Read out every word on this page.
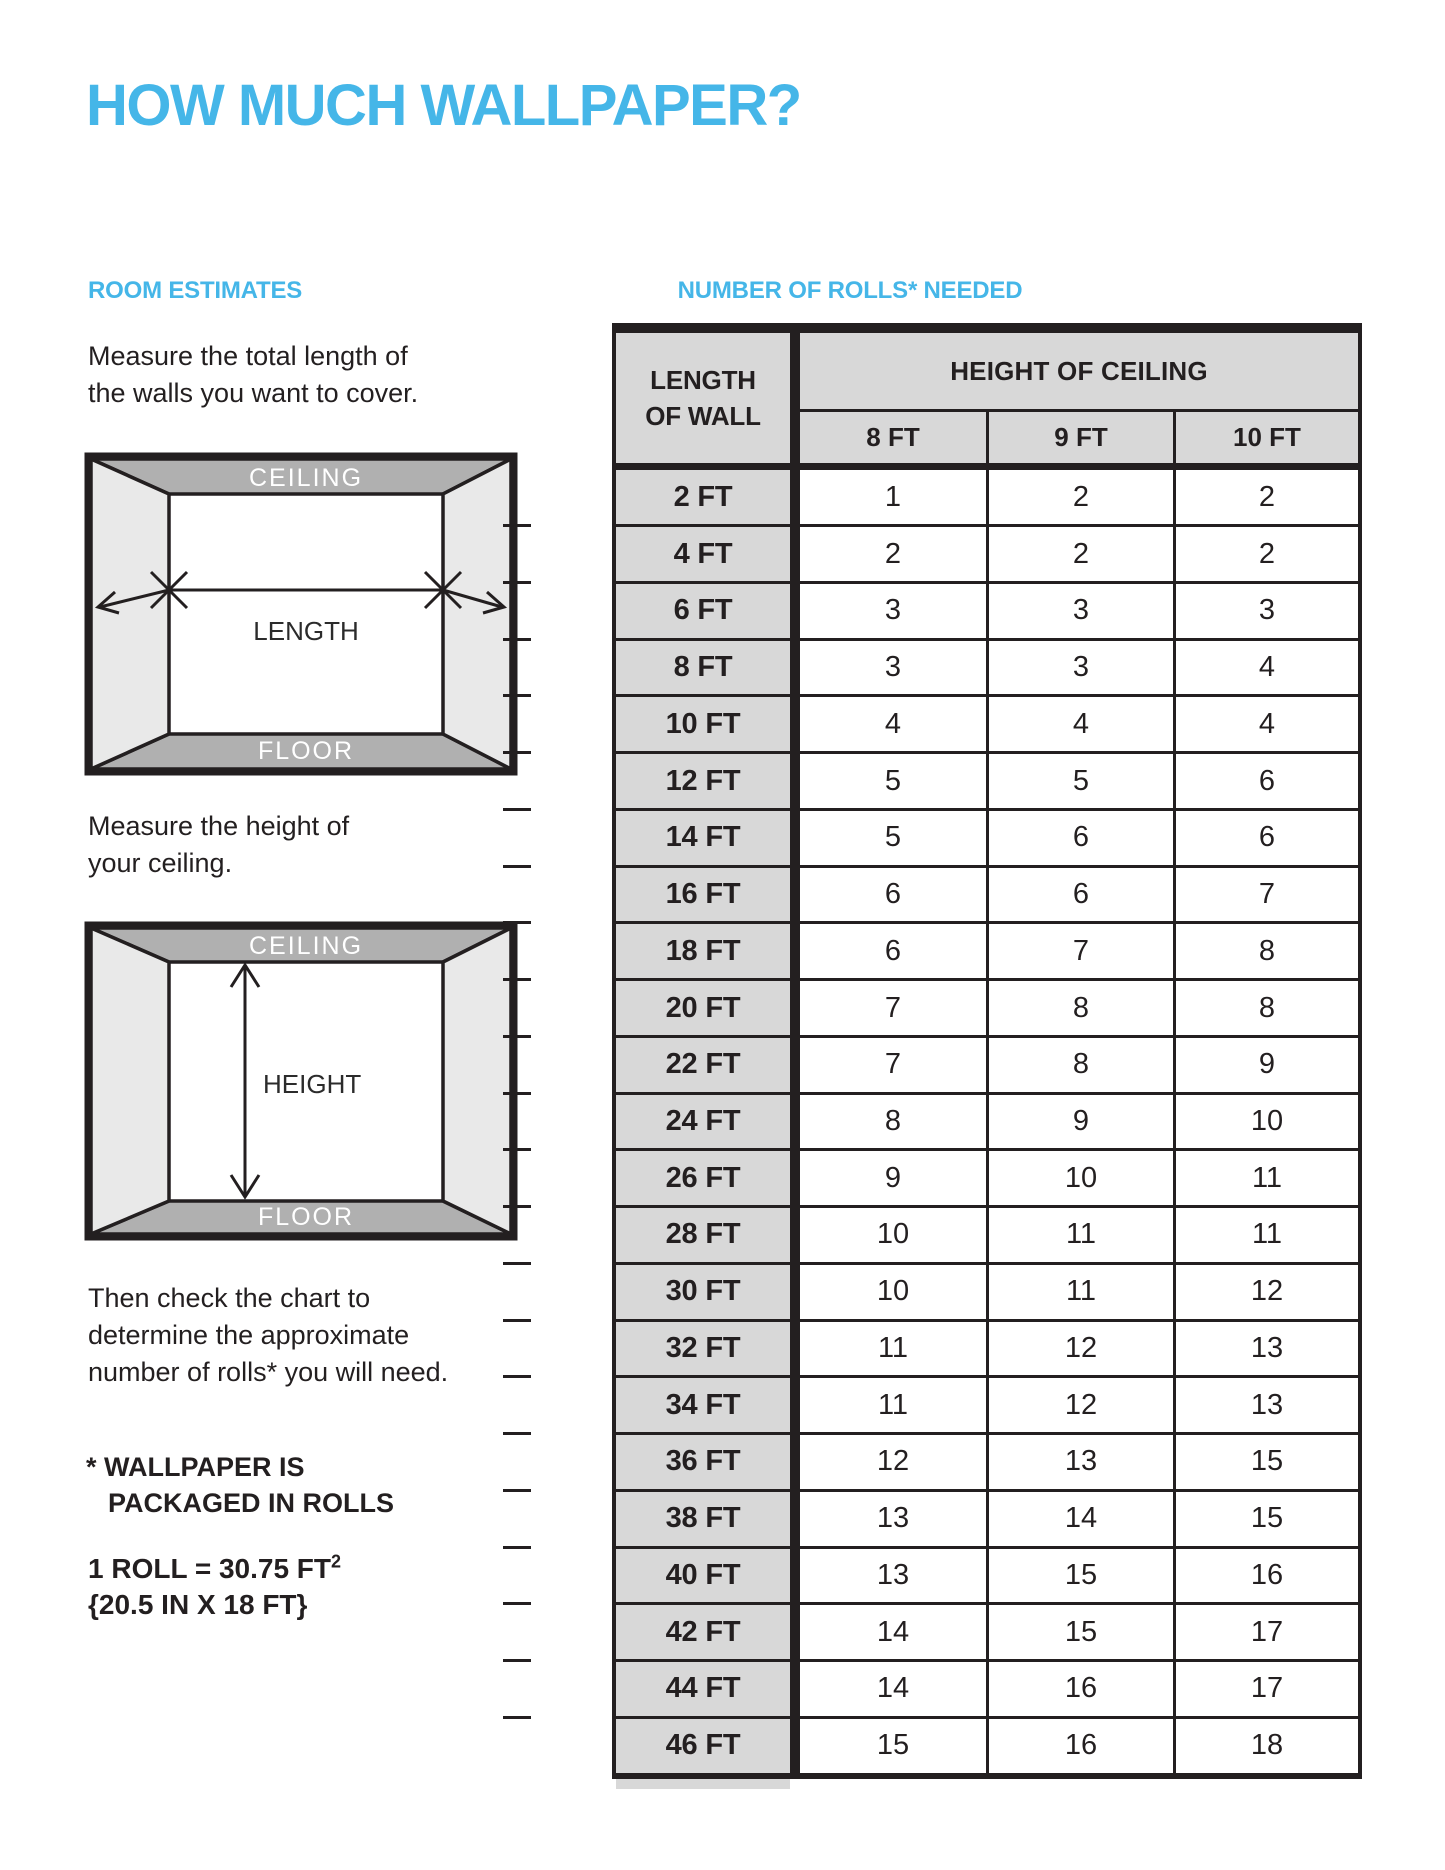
HOW MUCH WALLPAPER?
ROOM ESTIMATES
Measure the total length of
the walls you want to cover.
CEILING
FLOOR
LENGTH
Measure the height of
your ceiling.
CEILING
FLOOR
HEIGHT
Then check the chart to
determine the approximate
number of rolls* you will need.
* WALLPAPER IS
PACKAGED IN ROLLS
1 ROLL = 30.75 $FT^2$
{20.5 IN X 18 FT}
NUMBER OF ROLLS* NEEDED
HEIGHT OF CEILING
LENGTH
OF WALL
8 FT	9 FT	10 FT
2 FT	1	2	2
4 FT	2	2	2
6 FT	3	3	3
8 FT	3	3	4
10 FT	4	4	4
12 FT	5	5	6
14 FT	5	6	6
16 FT	6	6	7
18 FT	6	7	8
20 FT	7	8	8
22 FT	7	8	9
24 FT	8	9	10
26 FT	9	10	11
28 FT	10	11	11
30 FT	10	11	12
32 FT	11	12	13
34 FT	11	12	13
36 FT	12	13	15
38 FT	13	14	15
40 FT	13	15	16
42 FT	14	15	17
44 FT	14	16	17
46 FT	15	16	18
